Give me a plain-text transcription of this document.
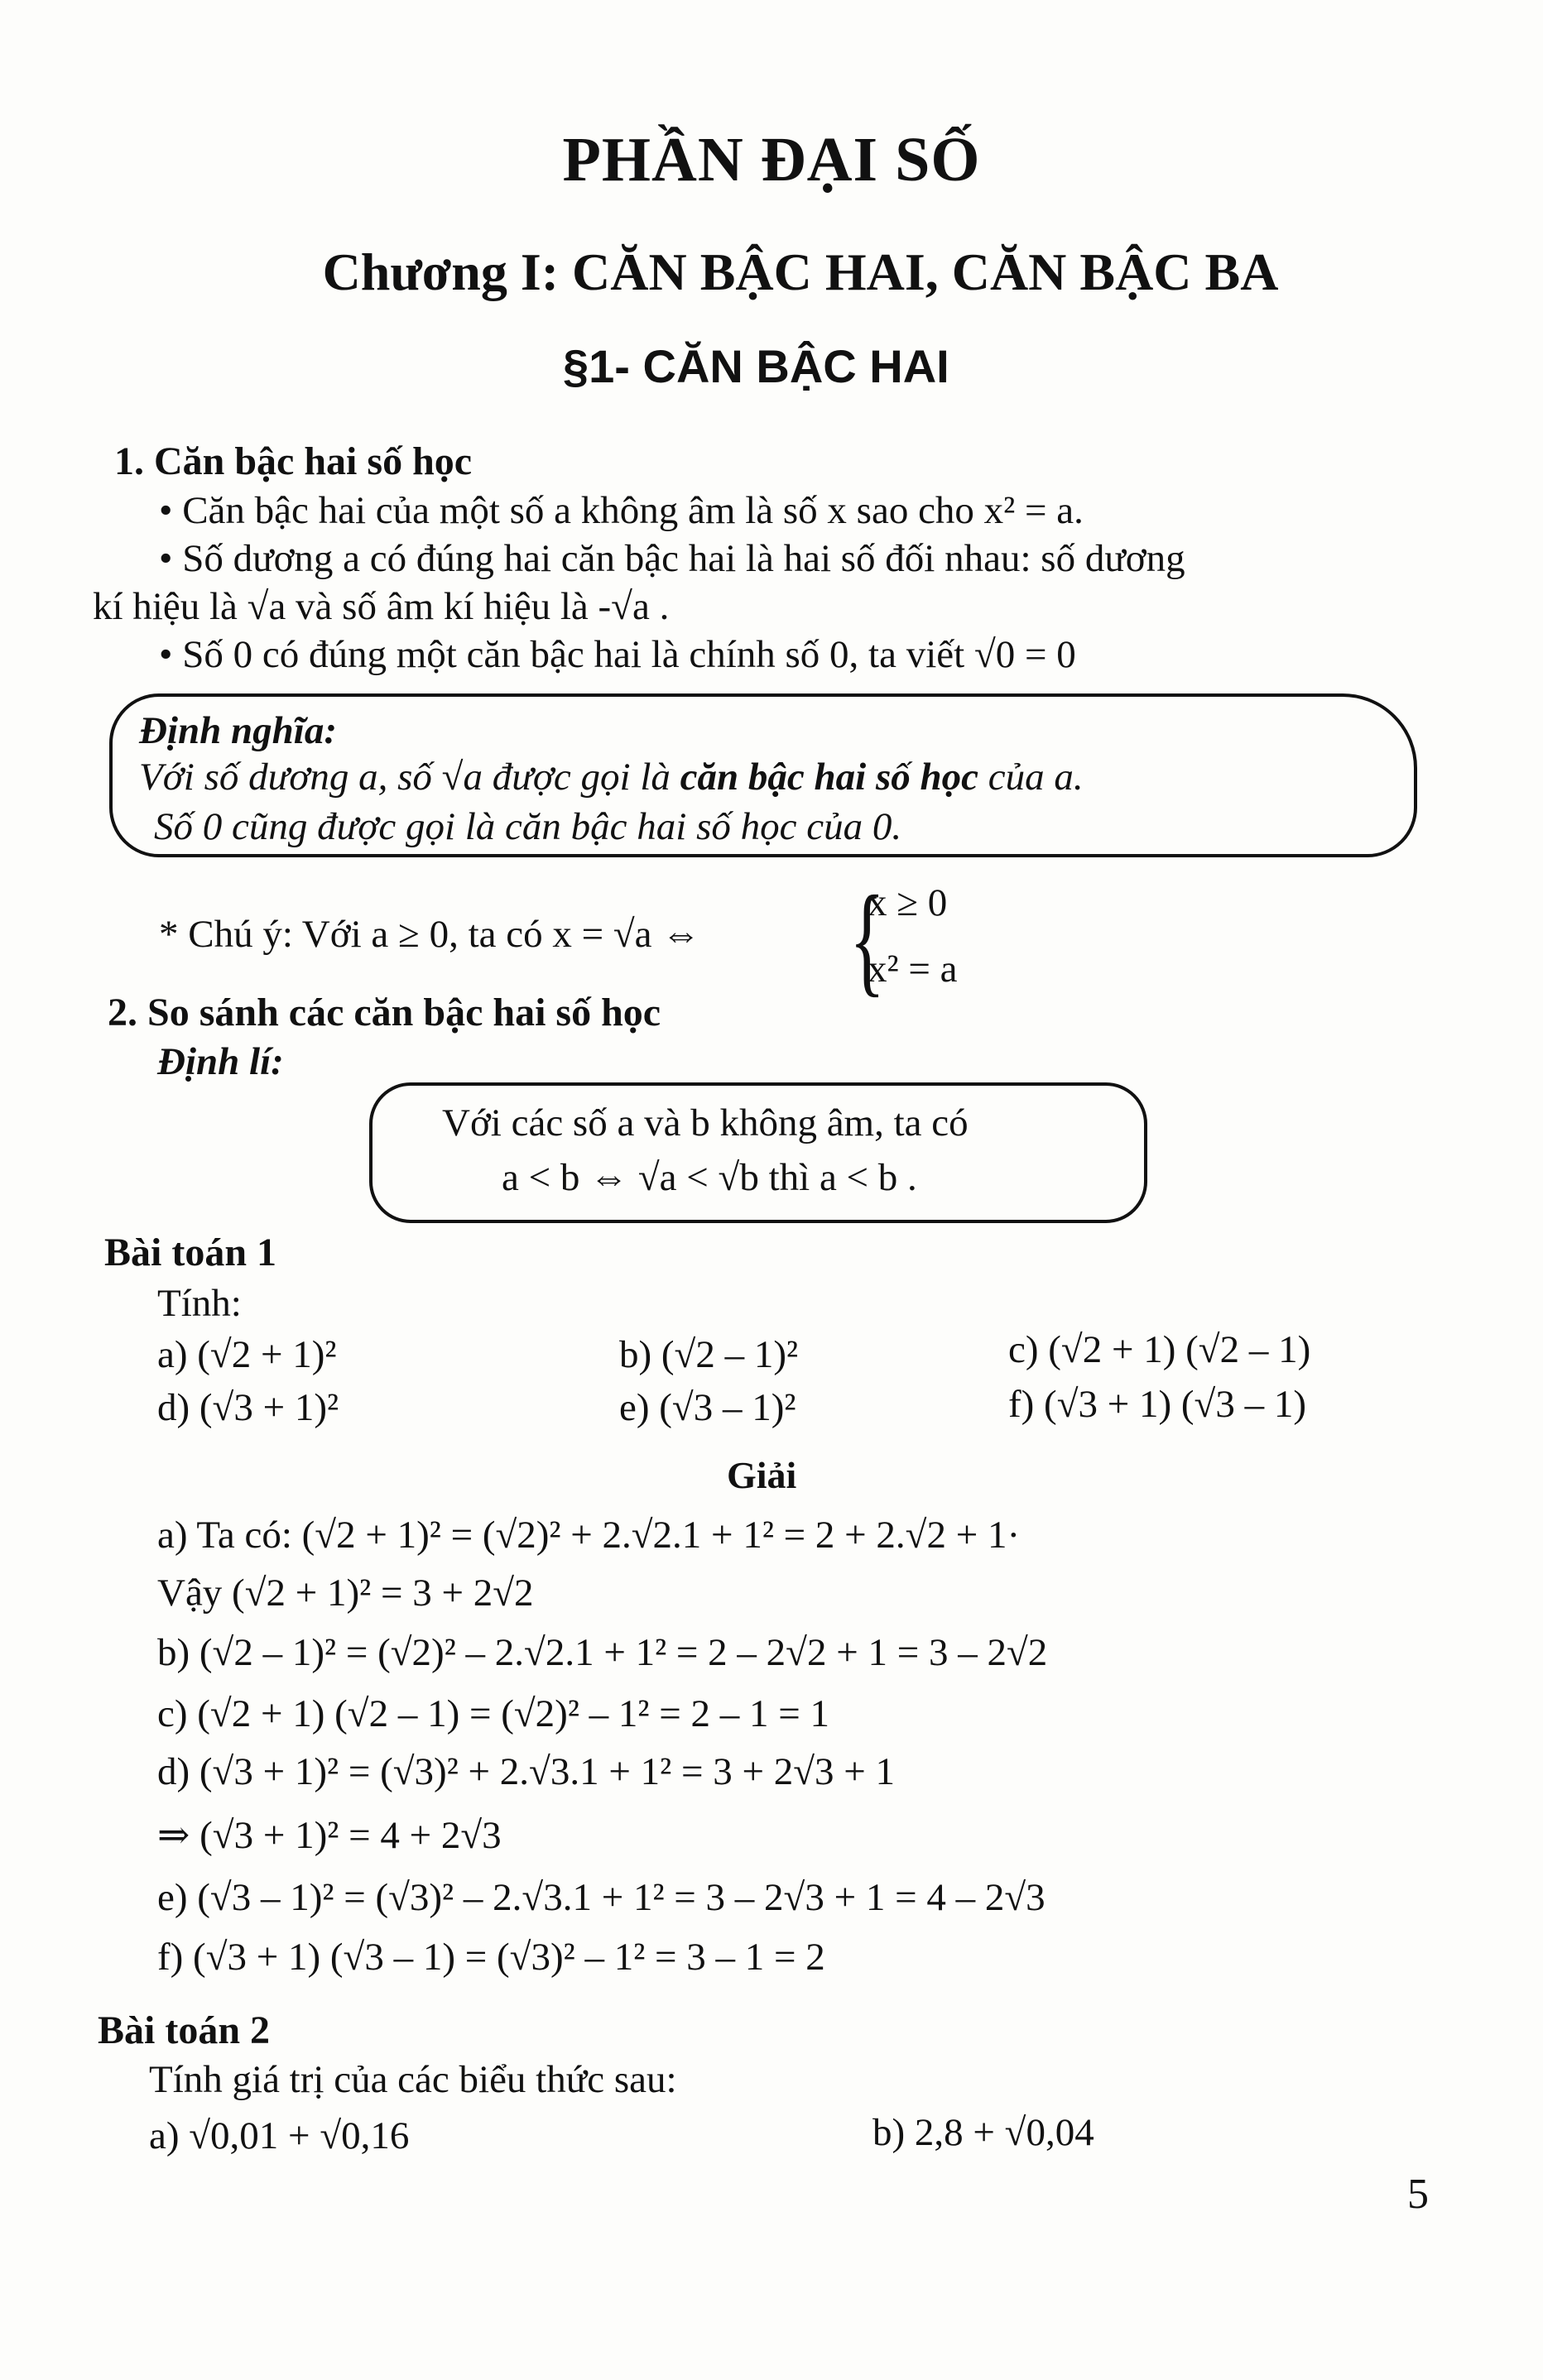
PHẦN ĐẠI SỐ
Chương I: CĂN BẬC HAI, CĂN BẬC BA
§1- CĂN BẬC HAI
1. Căn bậc hai số học
• Căn bậc hai của một số a không âm là số x sao cho x² = a.
• Số dương a có đúng hai căn bậc hai là hai số đối nhau: số dương
kí hiệu là √a và số âm kí hiệu là -√a .
• Số 0 có đúng một căn bậc hai là chính số 0, ta viết √0 = 0
Định nghĩa:
Với số dương a, số √a được gọi là căn bậc hai số học của a.
Số 0 cũng được gọi là căn bậc hai số học của 0.
* Chú ý: Với a ≥ 0, ta có x = √a ⇔ {
x ≥ 0
x² = a
2. So sánh các căn bậc hai số học
Định lí:
Với các số a và b không âm, ta có
a < b ⇔ √a < √b thì a < b .
Bài toán 1
Tính:
a) (√2 + 1)²	b) (√2 – 1)²	c) (√2 + 1) (√2 – 1)
d) (√3 + 1)²	e) (√3 – 1)²	f) (√3 + 1) (√3 – 1)
Giải
a) Ta có: (√2 + 1)² = (√2)² + 2.√2.1 + 1² = 2 + 2.√2 + 1·
Vậy (√2 + 1)² = 3 + 2√2
b) (√2 – 1)² = (√2)² – 2.√2.1 + 1² = 2 – 2√2 + 1 = 3 – 2√2
c) (√2 + 1) (√2 – 1) = (√2)² – 1² = 2 – 1 = 1
d) (√3 + 1)² = (√3)² + 2.√3.1 + 1² = 3 + 2√3 + 1
⇒ (√3 + 1)² = 4 + 2√3
e) (√3 – 1)² = (√3)² – 2.√3.1 + 1² = 3 – 2√3 + 1 = 4 – 2√3
f) (√3 + 1) (√3 – 1) = (√3)² – 1² = 3 – 1 = 2
Bài toán 2
Tính giá trị của các biểu thức sau:
a) √0,01 + √0,16	b) 2,8 + √0,04
5
